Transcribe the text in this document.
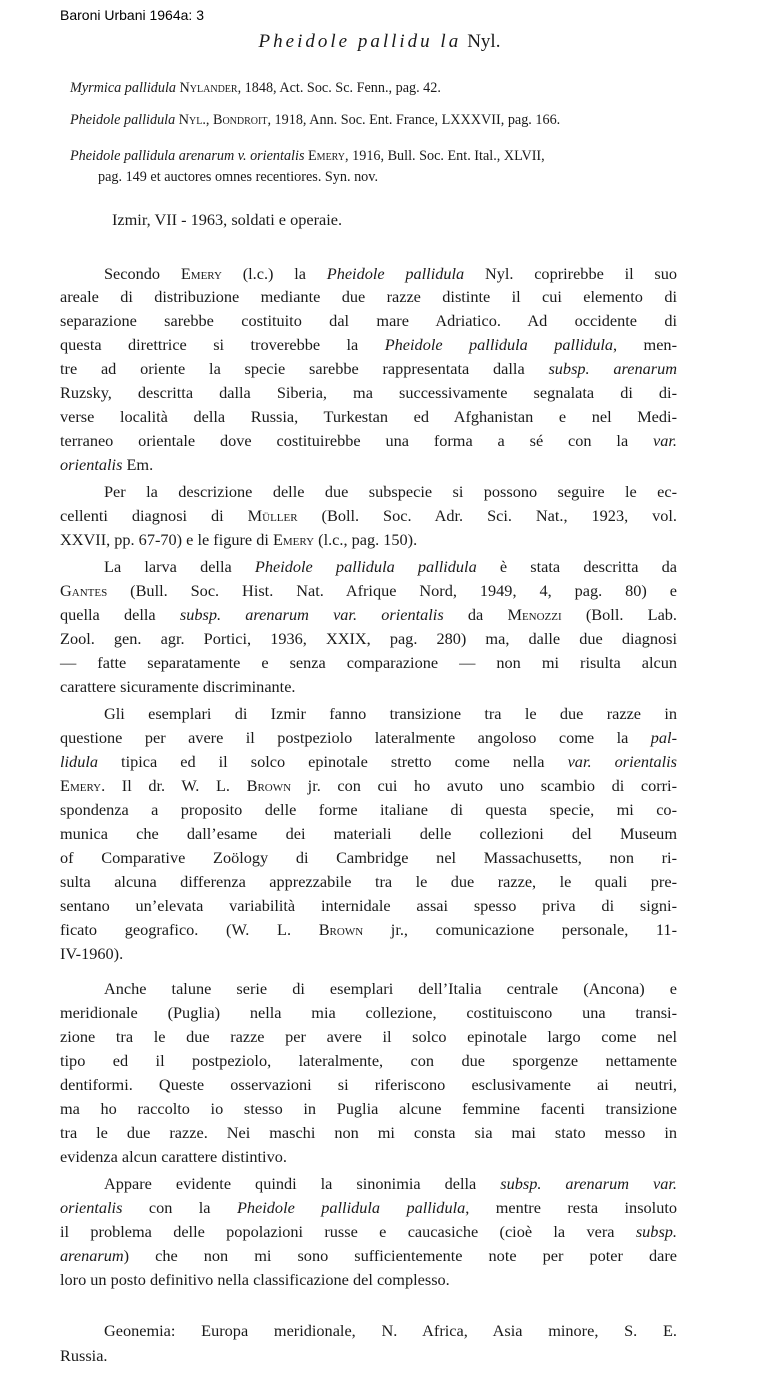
Baroni Urbani 1964a: 3
Pheidole pallidu la Nyl.
Myrmica pallidula Nylander, 1848, Act. Soc. Sc. Fenn., pag. 42.
Pheidole pallidula Nyl., Bondroit, 1918, Ann. Soc. Ent. France, LXXXVII, pag. 166.
Pheidole pallidula arenarum v. orientalis Emery, 1916, Bull. Soc. Ent. Ital., XLVII,
pag. 149 et auctores omnes recentiores. Syn. nov.
Izmir, VII - 1963, soldati e operaie.
Secondo Emery (l.c.) la Pheidole pallidula Nyl. coprirebbe il suo
areale di distribuzione mediante due razze distinte il cui elemento di
separazione sarebbe costituito dal mare Adriatico. Ad occidente di
questa direttrice si troverebbe la Pheidole pallidula pallidula, men-
tre ad oriente la specie sarebbe rappresentata dalla subsp. arenarum
Ruzsky, descritta dalla Siberia, ma successivamente segnalata di di-
verse località della Russia, Turkestan ed Afghanistan e nel Medi-
terraneo orientale dove costituirebbe una forma a sé con la var.
orientalis Em.
Per la descrizione delle due subspecie si possono seguire le ec-
cellenti diagnosi di Müller (Boll. Soc. Adr. Sci. Nat., 1923, vol.
XXVII, pp. 67-70) e le figure di Emery (l.c., pag. 150).
La larva della Pheidole pallidula pallidula è stata descritta da
Gantes (Bull. Soc. Hist. Nat. Afrique Nord, 1949, 4, pag. 80) e
quella della subsp. arenarum var. orientalis da Menozzi (Boll. Lab.
Zool. gen. agr. Portici, 1936, XXIX, pag. 280) ma, dalle due diagnosi
— fatte separatamente e senza comparazione — non mi risulta alcun
carattere sicuramente discriminante.
Gli esemplari di Izmir fanno transizione tra le due razze in
questione per avere il postpeziolo lateralmente angoloso come la pal-
lidula tipica ed il solco epinotale stretto come nella var. orientalis
Emery. Il dr. W. L. Brown jr. con cui ho avuto uno scambio di corri-
spondenza a proposito delle forme italiane di questa specie, mi co-
munica che dall’esame dei materiali delle collezioni del Museum
of Comparative Zoölogy di Cambridge nel Massachusetts, non ri-
sulta alcuna differenza apprezzabile tra le due razze, le quali pre-
sentano un’elevata variabilità internidale assai spesso priva di signi-
ficato geografico. (W. L. Brown jr., comunicazione personale, 11-
IV-1960).
Anche talune serie di esemplari dell’Italia centrale (Ancona) e
meridionale (Puglia) nella mia collezione, costituiscono una transi-
zione tra le due razze per avere il solco epinotale largo come nel
tipo ed il postpeziolo, lateralmente, con due sporgenze nettamente
dentiformi. Queste osservazioni si riferiscono esclusivamente ai neutri,
ma ho raccolto io stesso in Puglia alcune femmine facenti transizione
tra le due razze. Nei maschi non mi consta sia mai stato messo in
evidenza alcun carattere distintivo.
Appare evidente quindi la sinonimia della subsp. arenarum var.
orientalis con la Pheidole pallidula pallidula, mentre resta insoluto
il problema delle popolazioni russe e caucasiche (cioè la vera subsp.
arenarum) che non mi sono sufficientemente note per poter dare
loro un posto definitivo nella classificazione del complesso.
Geonemia: Europa meridionale, N. Africa, Asia minore, S. E.
Russia.
